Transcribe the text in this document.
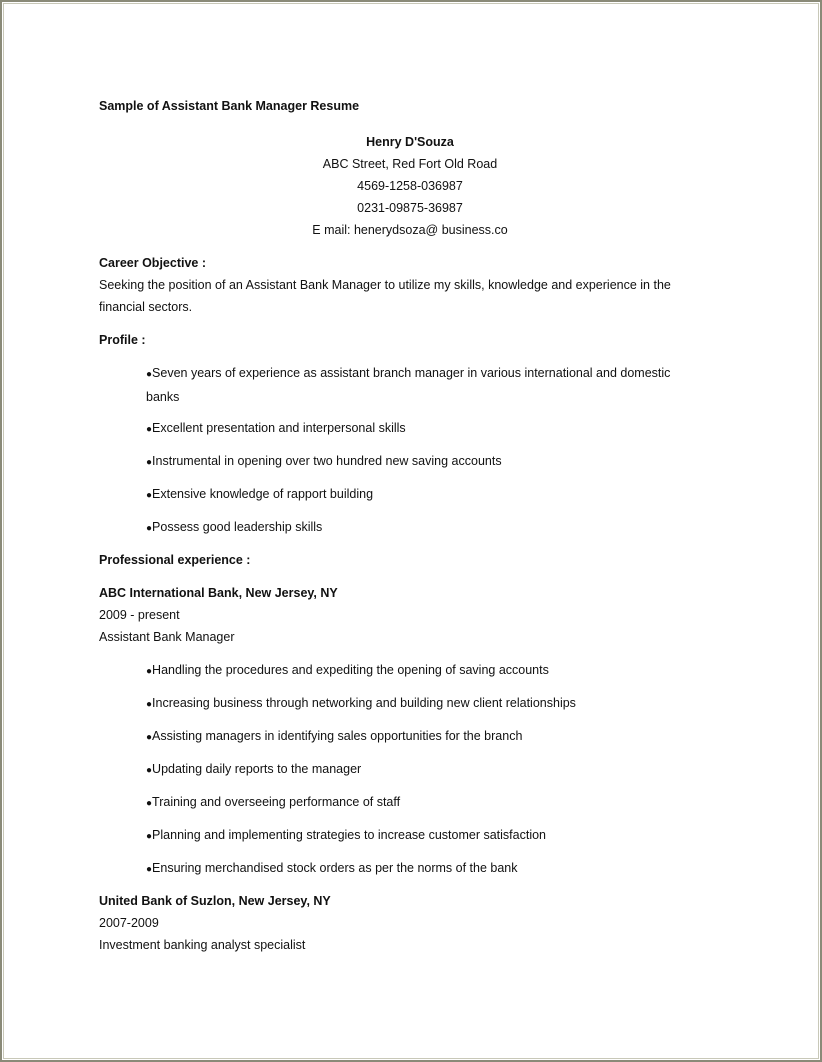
Sample of Assistant Bank Manager Resume
Henry D'Souza
ABC Street, Red Fort Old Road
4569-1258-036987
0231-09875-36987
E mail: henerydsoza@ business.co
Career Objective :
Seeking the position of an Assistant Bank Manager to utilize my skills, knowledge and experience in the financial sectors.
Profile :
●Seven years of experience as assistant branch manager in various international and domestic banks
●Excellent presentation and interpersonal skills
●Instrumental in opening over two hundred new saving accounts
●Extensive knowledge of rapport building
●Possess good leadership skills
Professional experience :
ABC International Bank, New Jersey, NY
2009 - present
Assistant Bank Manager
●Handling the procedures and expediting the opening of saving accounts
●Increasing business through networking and building new client relationships
●Assisting managers in identifying sales opportunities for the branch
●Updating daily reports to the manager
●Training and overseeing performance of staff
●Planning and implementing strategies to increase customer satisfaction
●Ensuring merchandised stock orders as per the norms of the bank
United Bank of Suzlon, New Jersey, NY
2007-2009
Investment banking analyst specialist
